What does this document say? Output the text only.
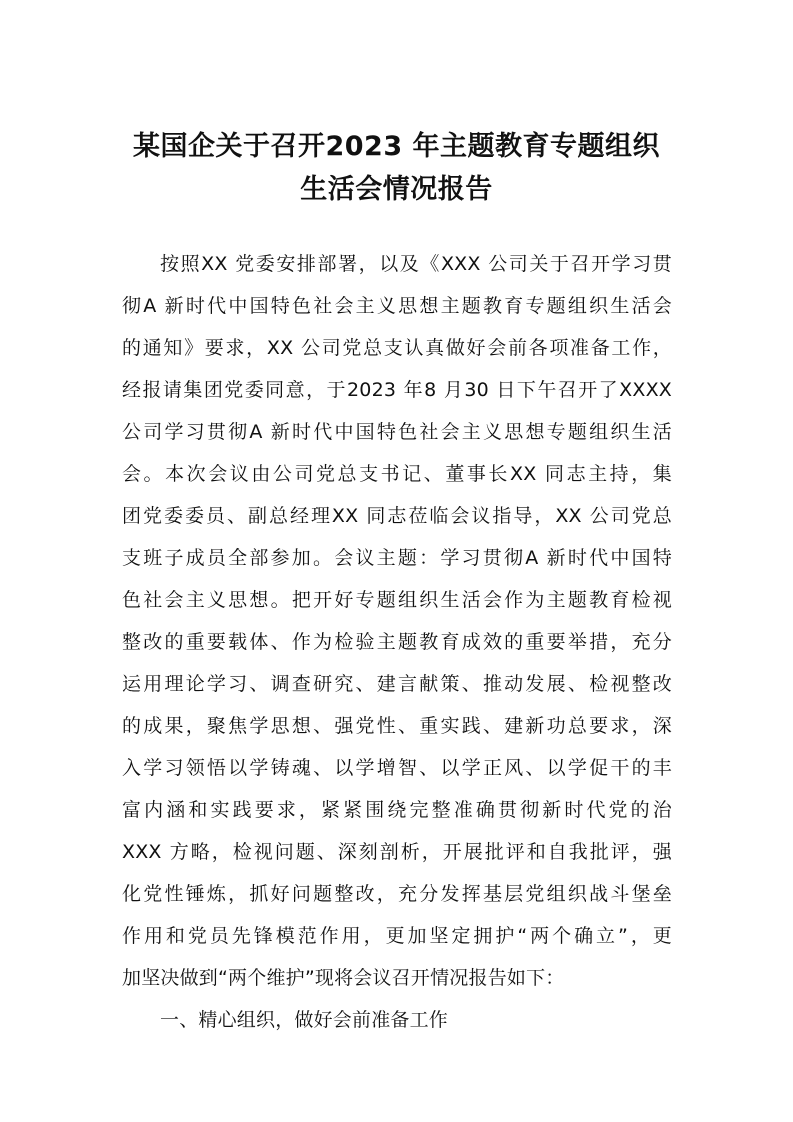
某国企关于召开2023 年主题教育专题组织
生活会情况报告
按照XX 党委安排部署，以及《XXX 公司关于召开学习贯
彻A 新时代中国特色社会主义思想主题教育专题组织生活会
的通知》要求，XX 公司党总支认真做好会前各项准备工作，
经报请集团党委同意，于2023 年8 月30 日下午召开了XXXX
公司学习贯彻A 新时代中国特色社会主义思想专题组织生活
会。本次会议由公司党总支书记、董事长XX 同志主持，集
团党委委员、副总经理XX 同志莅临会议指导，XX 公司党总
支班子成员全部参加。会议主题：学习贯彻A 新时代中国特
色社会主义思想。把开好专题组织生活会作为主题教育检视
整改的重要载体、作为检验主题教育成效的重要举措，充分
运用理论学习、调查研究、建言献策、推动发展、检视整改
的成果，聚焦学思想、强党性、重实践、建新功总要求，深
入学习领悟以学铸魂、以学增智、以学正风、以学促干的丰
富内涵和实践要求，紧紧围绕完整准确贯彻新时代党的治
XXX 方略，检视问题、深刻剖析，开展批评和自我批评，强
化党性锤炼，抓好问题整改，充分发挥基层党组织战斗堡垒
作用和党员先锋模范作用，更加坚定拥护“两个确立”，更
加坚决做到“两个维护”现将会议召开情况报告如下：
一、精心组织，做好会前准备工作
